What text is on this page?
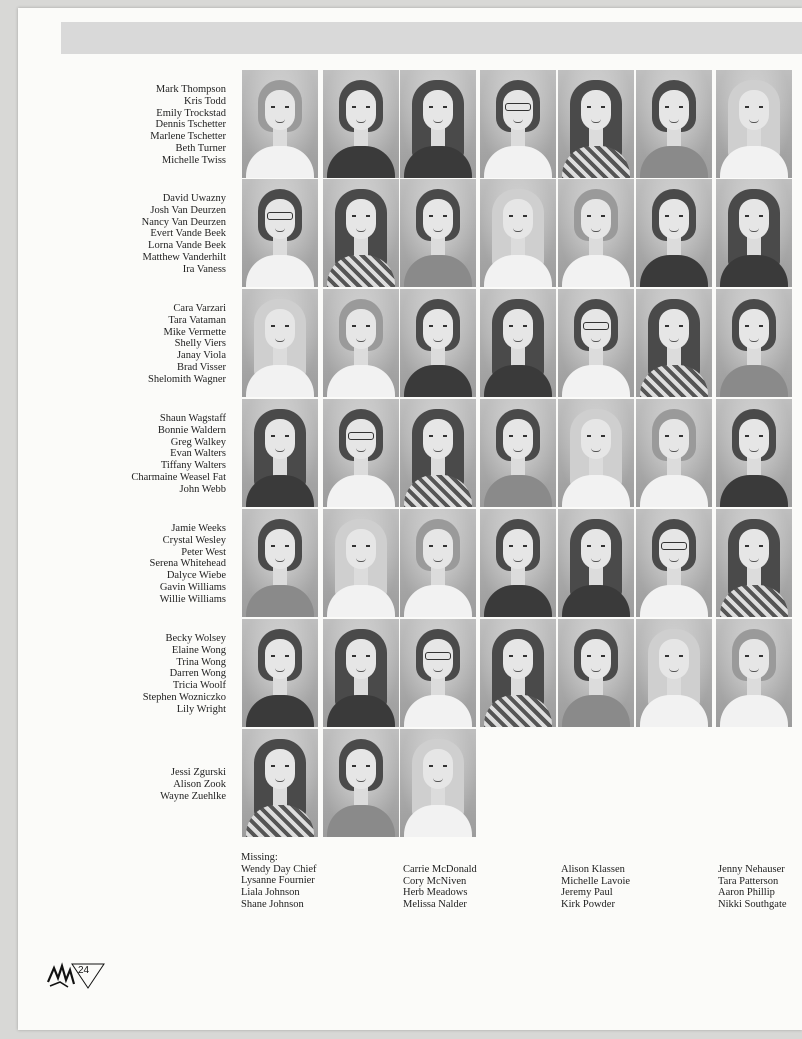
Mark Thompson
Kris Todd
Emily Trockstad
Dennis Tschetter
Marlene Tschetter
Beth Turner
Michelle Twiss
David Uwazny
Josh Van Deurzen
Nancy Van Deurzen
Evert Vande Beek
Lorna Vande Beek
Matthew Vanderhilt
Ira Vaness
Cara Varzari
Tara Vataman
Mike Vermette
Shelly Viers
Janay Viola
Brad Visser
Shelomith Wagner
Shaun Wagstaff
Bonnie Waldern
Greg Walkey
Evan Walters
Tiffany Walters
Charmaine Weasel Fat
John Webb
Jamie Weeks
Crystal Wesley
Peter West
Serena Whitehead
Dalyce Wiebe
Gavin Williams
Willie Williams
Becky Wolsey
Elaine Wong
Trina Wong
Darren Wong
Tricia Woolf
Stephen Wozniczko
Lily Wright
Jessi Zgurski
Alison Zook
Wayne Zuehlke
Missing:
Wendy Day Chief
Lysanne Fournier
Liala Johnson
Shane Johnson
Carrie McDonald
Cory McNiven
Herb Meadows
Melissa Nalder
Alison Klassen
Michelle Lavoie
Jeremy Paul
Kirk Powder
Jenny Nehauser
Tara Patterson
Aaron Phillip
Nikki Southgate
24
